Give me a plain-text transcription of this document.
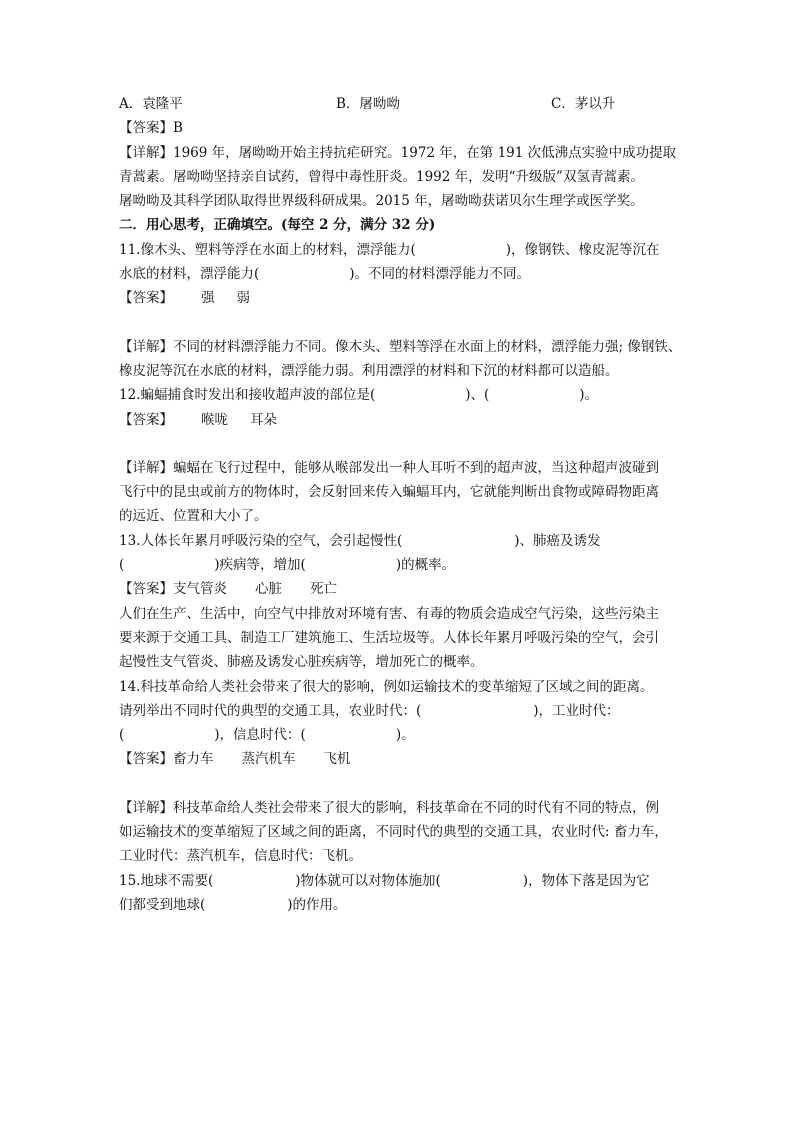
A．袁隆平	B．屠呦呦	C．茅以升
【答案】B
【详解】1969 年，屠呦呦开始主持抗疟研究。1972 年，在第 191 次低沸点实验中成功提取
青蒿素。屠呦呦坚持亲自试药，曾得中毒性肝炎。1992 年，发明“升级版”双氢青蒿素。
屠呦呦及其科学团队取得世界级科研成果。2015 年，屠呦呦获诺贝尔生理学或医学奖。
二．用心思考，正确填空。(每空 2 分，满分 32 分)
11.像木头、塑料等浮在水面上的材料，漂浮能力(	)，像钢铁、橡皮泥等沉在
水底的材料，漂浮能力(	)。不同的材料漂浮能力不同。
【答案】 强 弱
【详解】不同的材料漂浮能力不同。像木头、塑料等浮在水面上的材料，漂浮能力强; 像钢铁、
橡皮泥等沉在水底的材料，漂浮能力弱。利用漂浮的材料和下沉的材料都可以造船。
12.蝙蝠捕食时发出和接收超声波的部位是(	)、(	)。
【答案】 喉咙 耳朵
【详解】蝙蝠在飞行过程中，能够从喉部发出一种人耳听不到的超声波，当这种超声波碰到
飞行中的昆虫或前方的物体时，会反射回来传入蝙蝠耳内，它就能判断出食物或障碍物距离
的远近、位置和大小了。
13.人体长年累月呼吸污染的空气，会引起慢性(	)、肺癌及诱发
(	)疾病等，增加(	)的概率。
【答案】支气管炎 心脏 死亡
人们在生产、生活中，向空气中排放对环境有害、有毒的物质会造成空气污染，这些污染主
要来源于交通工具、制造工厂建筑施工、生活垃圾等。人体长年累月呼吸污染的空气，会引
起慢性支气管炎、肺癌及诱发心脏疾病等，增加死亡的概率。
14.科技革命给人类社会带来了很大的影响，例如运输技术的变革缩短了区域之间的距离。
请列举出不同时代的典型的交通工具，农业时代：(	)，工业时代：
(	)，信息时代：(	)。
【答案】畜力车 蒸汽机车 飞机
【详解】科技革命给人类社会带来了很大的影响，科技革命在不同的时代有不同的特点，例
如运输技术的变革缩短了区域之间的距离，不同时代的典型的交通工具，农业时代: 畜力车，
工业时代：蒸汽机车，信息时代：飞机。
15.地球不需要(	)物体就可以对物体施加(	)，物体下落是因为它
们都受到地球(	)的作用。
